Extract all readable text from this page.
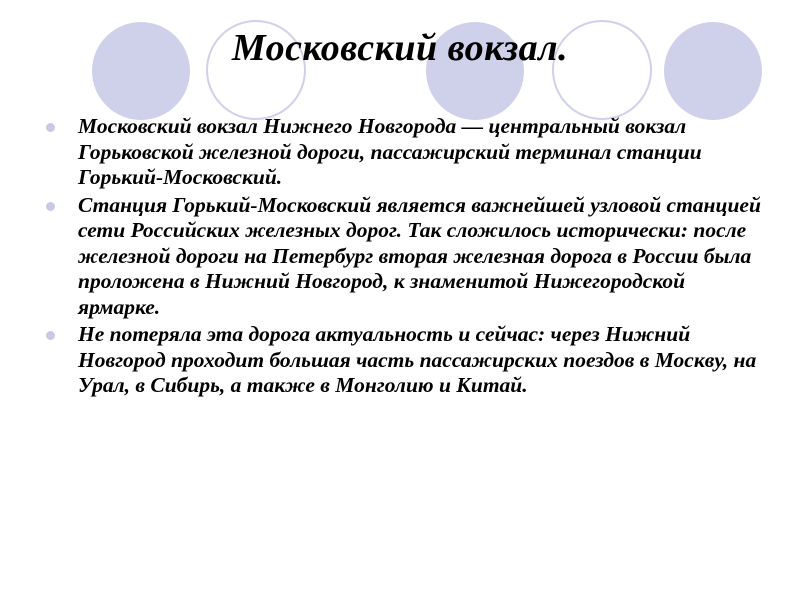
Московский вокзал.
Московский вокзал Нижнего Новгорода — центральный вокзал Горьковской железной дороги, пассажирский терминал станции Горький-Московский.
Станция Горький-Московский является важнейшей узловой станцией сети Российских железных дорог. Так сложилось исторически: после железной дороги на Петербург вторая железная дорога в России была проложена в Нижний Новгород, к знаменитой Нижегородской ярмарке.
Не потеряла эта дорога актуальность и сейчас: через Нижний Новгород проходит большая часть пассажирских поездов в Москву, на Урал, в Сибирь, а также в Монголию и Китай.
